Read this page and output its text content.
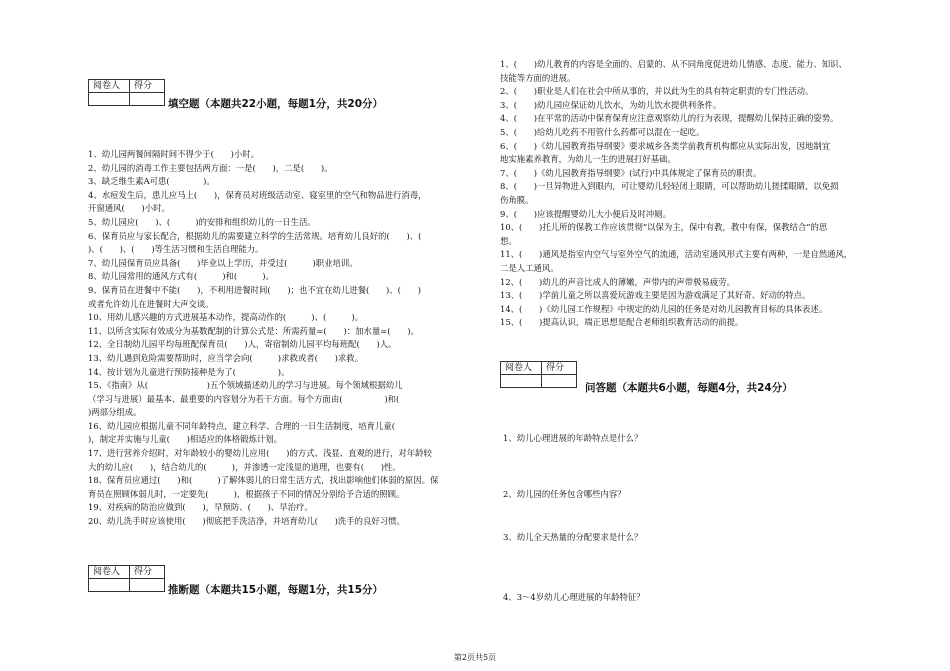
阅卷人	得分

填空题（本题共22小题，每题1分，共20分）

1、幼儿园两餐间隔时间不得少于(　　)小时。

2、幼儿园的消毒工作主要包括两方面：一是(　　)，二是(　　)。

3、缺乏维生素A可患(　　　　)。

4、水痘发生后，患儿应马上(　　)，保育员对班级活动室、寝室里的空气和物品进行消毒，

开窗通风(　　)小时。

5、幼儿园应(　　)、(　　　)的安排和组织幼儿的一日生活。

6、保育员应与家长配合，根据幼儿的需要建立科学的生活常规。培育幼儿良好的(　　)、(

)、(　　)、(　　)等生活习惯和生活自理能力。

7、幼儿园保育员应具备(　　)毕业以上学历，并受过(　　　)职业培训。

8、幼儿园常用的通风方式有(　　　)和(　　　)。

9、保育员在进餐中不能(　　)，不利用进餐时间(　　)；也不宜在幼儿进餐(　　)、(　　)

或者允许幼儿在进餐时大声交谈。

10、用幼儿感兴趣的方式进展基本动作，提高动作的(　　　)、(　　　)。

11、以所含实际有效成分为基数配制的计算公式是：所需药量=(　　)：加水量=(　　)。

12、全日制幼儿园平均每班配保育员(　　)人，寄宿制幼儿园平均每班配(　　)人。

13、幼儿遇到危险需要帮助时，应当学会向(　　　)求救或者(　　)求救。

14、按计划为儿童进行预防接种是为了(　　　　　)。

15、《指南》从(　　　　　　　)五个领域描述幼儿的学习与进展。每个领域根据幼儿

（学习与进展）最基本、最重要的内容划分为若干方面。每个方面由(　　　　　)和(

)两部分组成。

16、幼儿园应根据儿童不同年龄特点，建立科学、合理的一日生活制度，培育儿童(　　　

)，制定并实施与儿童(　　)相适应的体格锻炼计划。

17、进行营养介绍时，对年龄较小的婴幼儿应用(　　)的方式、浅显、直观的进行，对年龄较

大的幼儿应(　　)，结合幼儿的(　　　)，并渗透一定浅显的道理，也要有(　　)性。

18、保育员应通过(　　)和(　　　)了解体弱儿的日常生活方式，找出影响他们体弱的原因。保

育员在照顾体弱儿时，一定要先(　　　)，根据孩子不同的情况分别给予合适的照顾。

19、对疾病的防治应做到(　　)，早预防、(　　)、早治疗。

20、幼儿洗手时应该使用(　　)彻底把手洗洁净，并培育幼儿(　　)洗手的良好习惯。

阅卷人	得分

推断题（本题共15小题，每题1分，共15分）

1、(　　)幼儿教育的内容是全面的、启蒙的、从不同角度促进幼儿情感、态度、能力、知识、

技能等方面的进展。

2、(　　)职业是人们在社会中所从事的，并以此为生的具有特定职责的专门性活动。

3、(　　)幼儿园应保证幼儿饮水，为幼儿饮水提供利条件。

4、(　　)在平常的活动中保育保育应注意观察幼儿的行为表现，提醒幼儿保持正确的姿势。

5、(　　)给幼儿吃药不用管什么药都可以混在一起吃。

6、(　　)《幼儿园教育指导纲要》要求城乡各类学前教育机构都应从实际出发，因地制宜

地实施素养教育，为幼儿一生的进展打好基础。

7、(　　)《幼儿园教育指导纲要》(试行)中具体规定了保育员的职责。

8、(　　)一旦异物进入到眼内，可让婴幼儿轻轻闭上眼睛，可以帮助幼儿搓揉眼睛，以免损

伤角膜。

9、(　　)应该提醒婴幼儿大小便后及时冲厕。

10、(　　)托儿所的保教工作应该贯彻“以保为主，保中有教，教中有保，保教结合”的思

想。

11、(　　)通风是指室内空气与室外空气的流通，活动室通风形式主要有两种，一是自然通风，

二是人工通风。

12、(　　)幼儿的声音比成人的薄嫩，声带内的声带极易疲劳。

13、(　　)学前儿童之所以喜爱玩游戏主要是因为游戏满足了其好奇、好动的特点。

14、(　　)《幼儿园工作规程》中规定的幼儿园的任务是对幼儿园教育目标的具体表述。

15、(　　)提高认识，端正思想是配合老师组织教育活动的前提。

阅卷人	得分

问答题（本题共6小题，每题4分，共24分）

1、幼儿心理进展的年龄特点是什么？

2、幼儿园的任务包含哪些内容？

3、幼儿全天热量的分配要求是什么？

4、3～4岁幼儿心理进展的年龄特征？

第2页共5页
